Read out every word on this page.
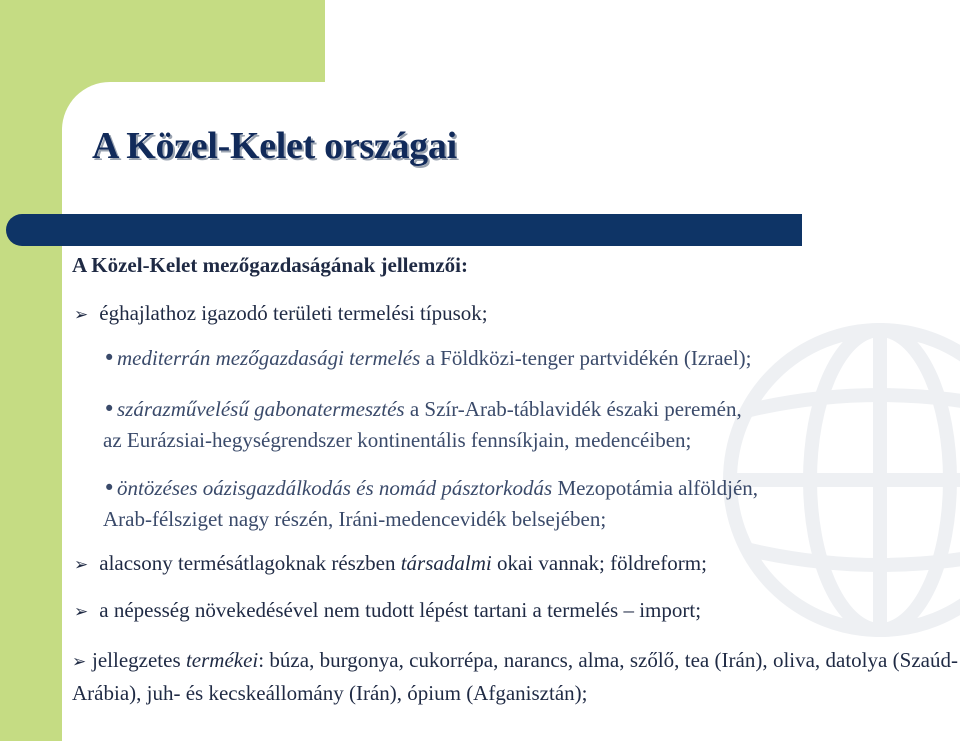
A Közel-Kelet országai
A Közel-Kelet mezőgazdaságának jellemzői:
➢ éghajlathoz igazodó területi termelési típusok;
•mediterrán mezőgazdasági termelés a Földközi-tenger partvidékén (Izrael);
•szárazművelésű gabonatermesztés a Szír-Arab-táblavidék északi peremén,
az Eurázsiai-hegységrendszer kontinentális fennsíkjain, medencéiben;
•öntözéses oázisgazdálkodás és nomád pásztorkodás Mezopotámia alföldjén,
Arab-félsziget nagy részén, Iráni-medencevidék belsejében;
➢ alacsony termésátlagoknak részben társadalmi okai vannak; földreform;
➢ a népesség növekedésével nem tudott lépést tartani a termelés – import;
➢ jellegzetes termékei: búza, burgonya, cukorrépa, narancs, alma, szőlő, tea (Irán), oliva, datolya (Szaúd-Arábia), juh- és kecskeállomány (Irán), ópium (Afganisztán);
